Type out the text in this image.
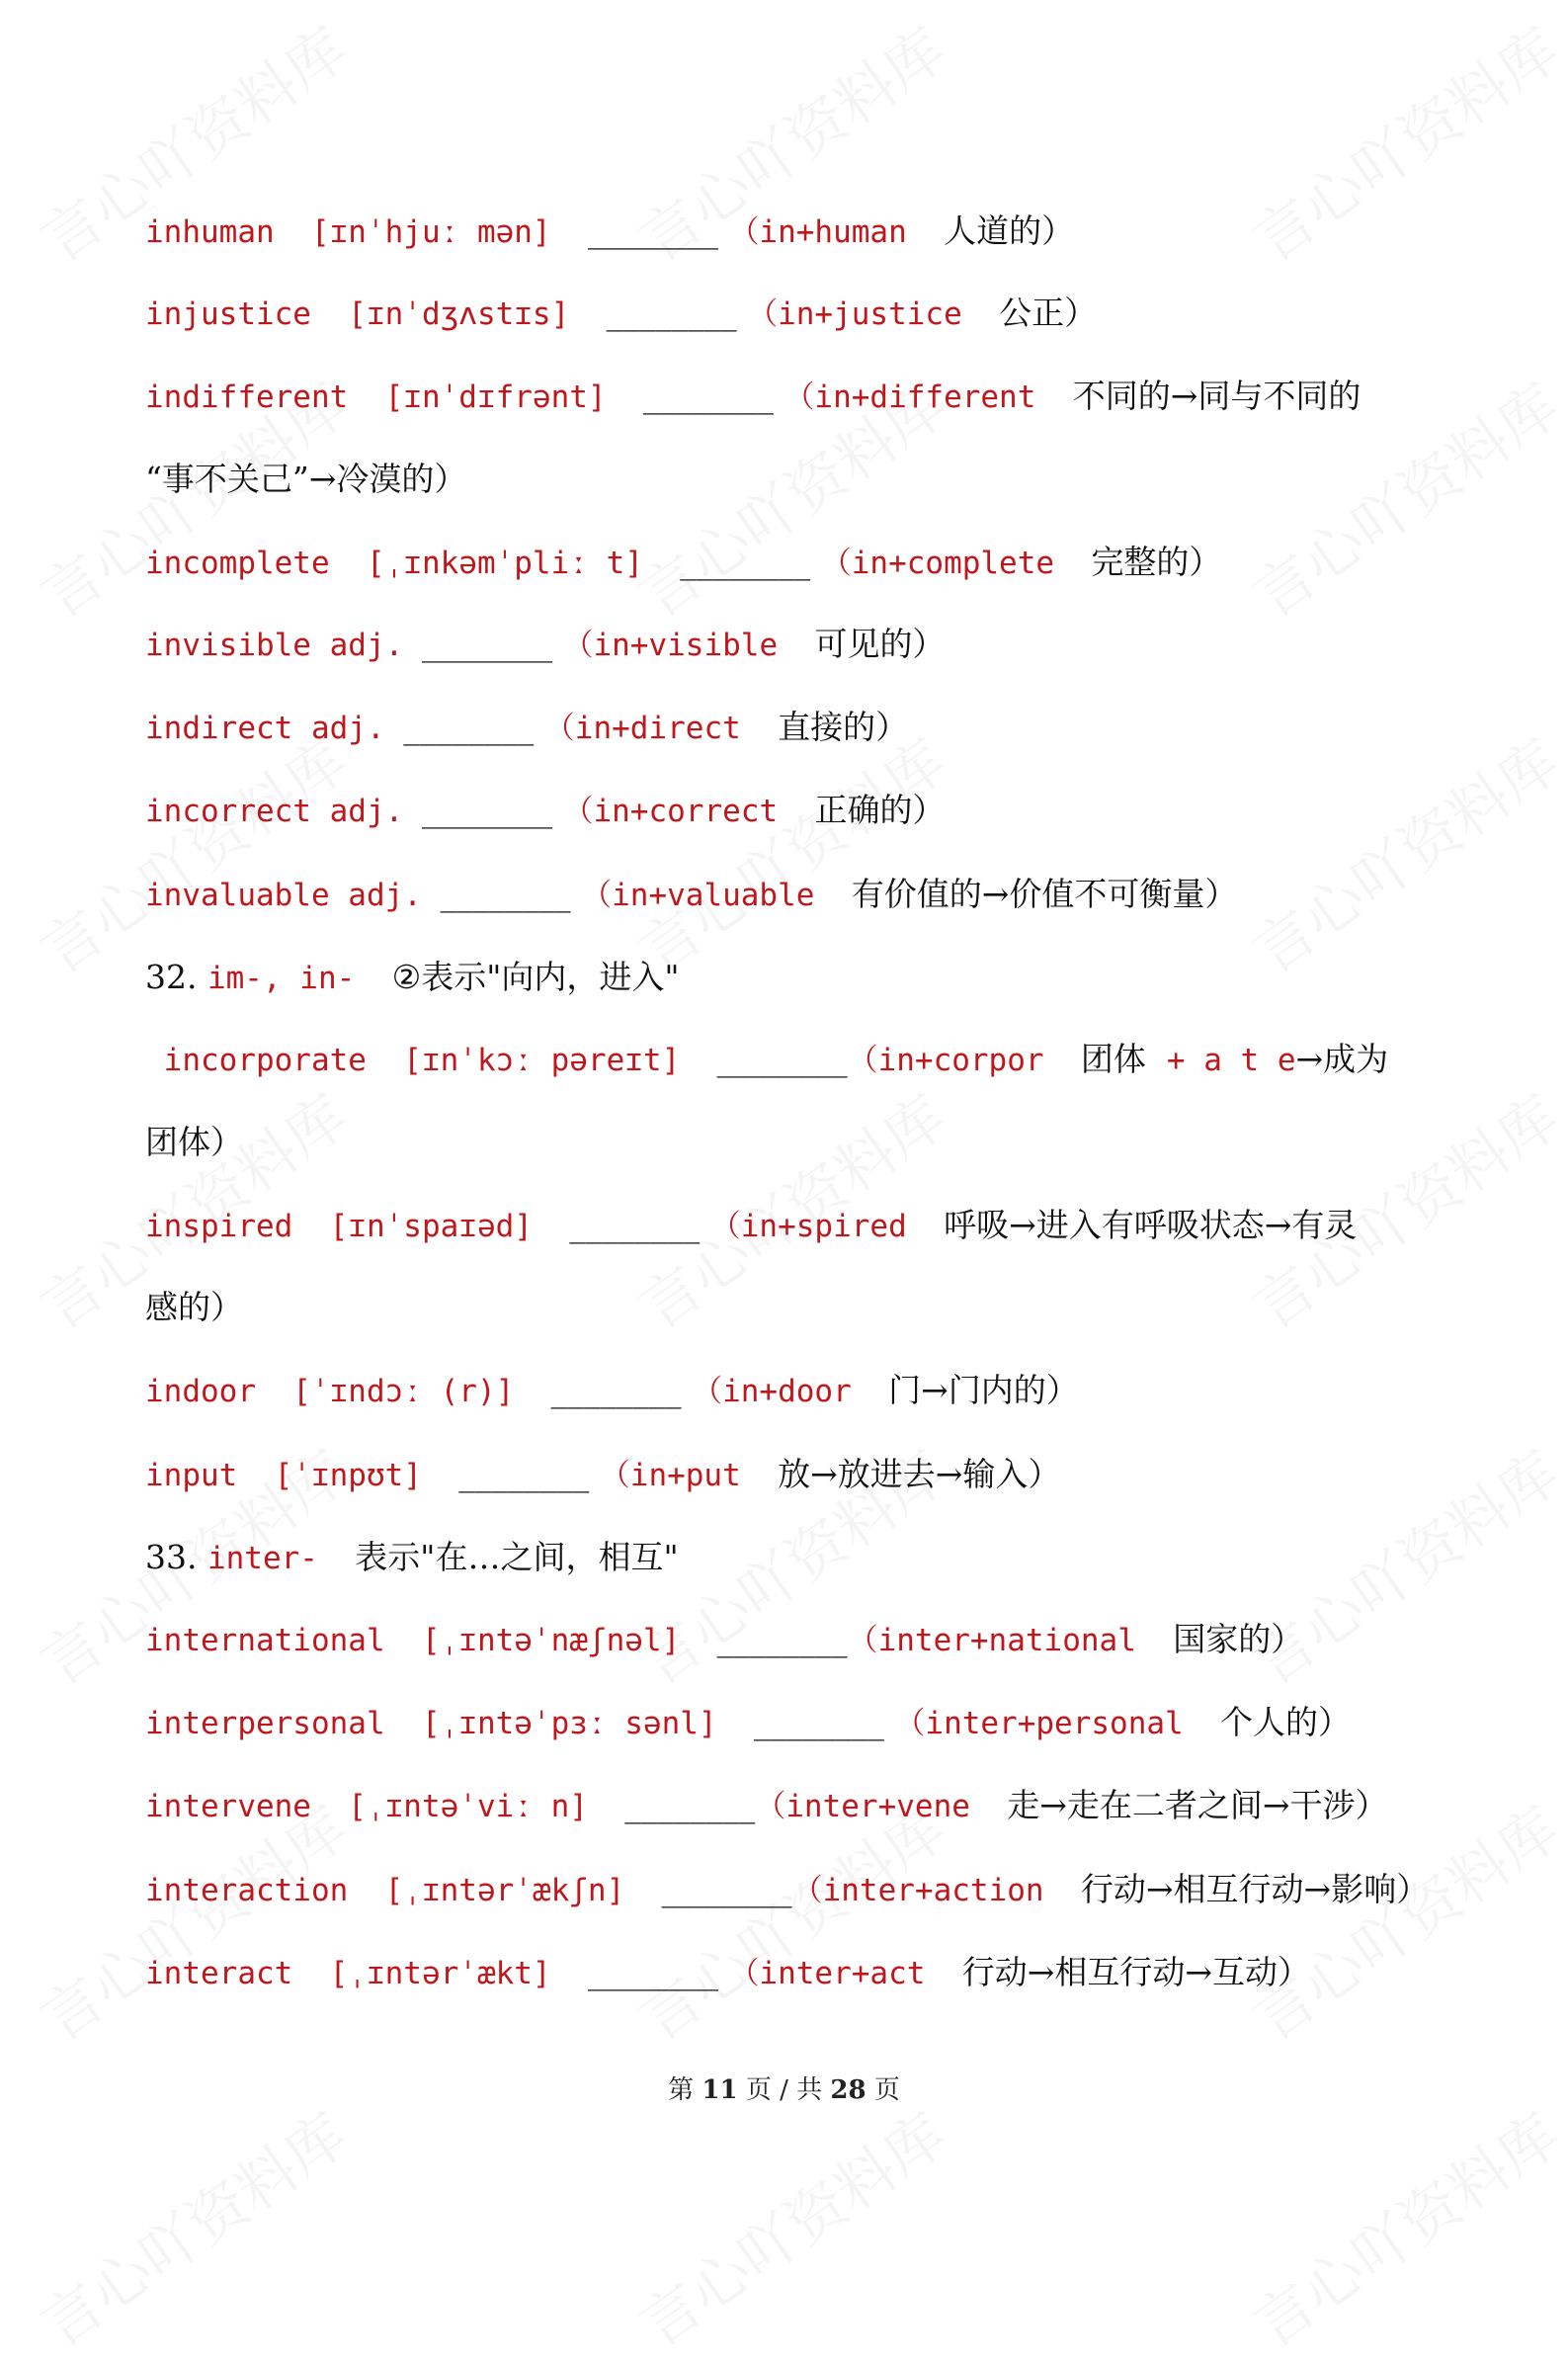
inhuman  [ɪnˈhjuː mən]  ________ （in+human  人道的）
injustice  [ɪnˈdʒʌstɪs]  ________ （in+justice  公正）
indifferent  [ɪnˈdɪfrənt]  ________ （in+different  不同的→同与不同的
“事不关己”→冷漠的）
incomplete  [ˌɪnkəmˈpliː t]  ________ （in+complete  完整的）
invisible adj. ________ （in+visible  可见的）
indirect adj. ________ （in+direct  直接的）
incorrect adj. ________ （in+correct  正确的）
invaluable adj. ________ （in+valuable  有价值的→价值不可衡量）
32. im-, in-  ②表示"向内，进入"
incorporate  [ɪnˈkɔː pəreɪt]  ________（in+corpor  团体  + a t e→成为
团体）
inspired  [ɪnˈspaɪəd]  ________ （in+spired  呼吸→进入有呼吸状态→有灵
感的）
indoor  [ˈɪndɔː (r)]  ________ （in+door  门→门内的）
input  [ˈɪnpʊt]  ________ （in+put  放→放进去→输入）
33. inter-  表示"在…之间，相互"
international  [ˌɪntəˈnæʃnəl]  ________（inter+national  国家的）
interpersonal  [ˌɪntəˈpɜː sənl]  ________ （inter+personal  个人的）
intervene  [ˌɪntəˈviː n]  ________（inter+vene  走→走在二者之间→干涉）
interaction  [ˌɪntərˈækʃn]  ________（inter+action  行动→相互行动→影响）
interact  [ˌɪntərˈækt]  ________ （inter+act  行动→相互行动→互动）
第 11 页 / 共 28 页
